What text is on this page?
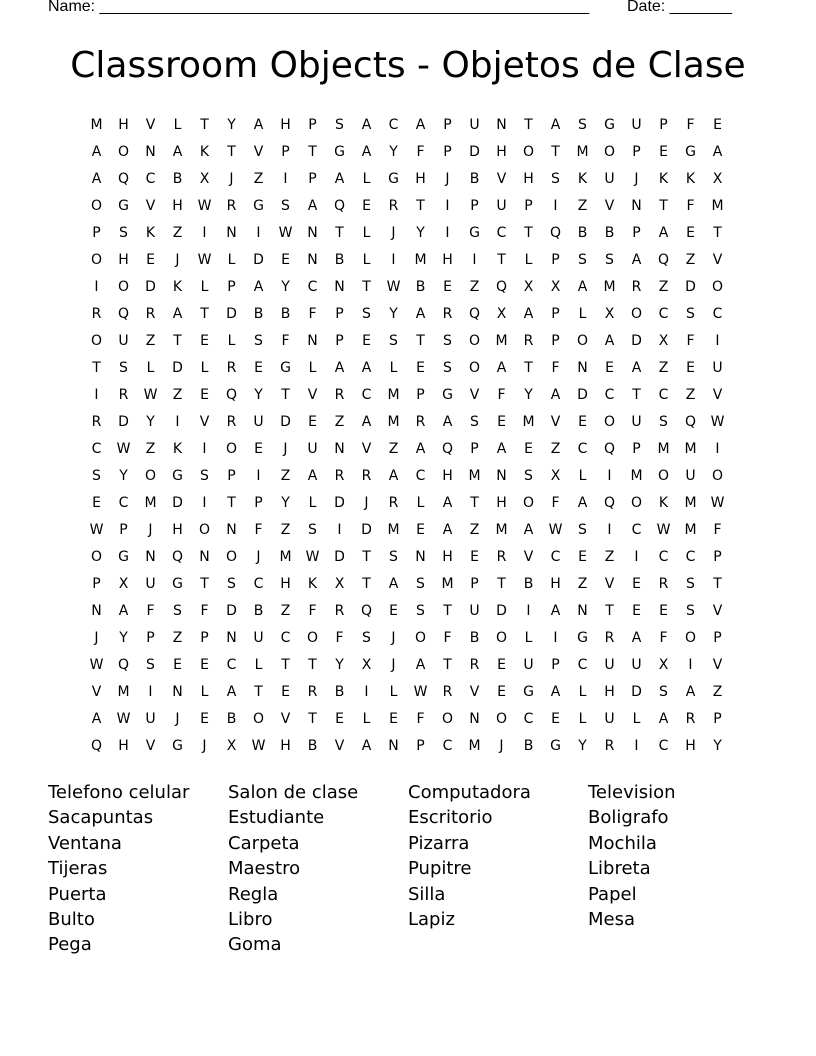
Name: _______________________________________________________ Date: _______
Classroom Objects - Objetos de Clase
M	H	V	L	T	Y	A	H	P	S	A	C	A	P	U	N	T	A	S	G	U	P	F	E
A	O	N	A	K	T	V	P	T	G	A	Y	F	P	D	H	O	T	M	O	P	E	G	A
A	Q	C	B	X	J	Z	I	P	A	L	G	H	J	B	V	H	S	K	U	J	K	K	X
O	G	V	H	W	R	G	S	A	Q	E	R	T	I	P	U	P	I	Z	V	N	T	F	M
P	S	K	Z	I	N	I	W	N	T	L	J	Y	I	G	C	T	Q	B	B	P	A	E	T
O	H	E	J	W	L	D	E	N	B	L	I	M	H	I	T	L	P	S	S	A	Q	Z	V
I	O	D	K	L	P	A	Y	C	N	T	W	B	E	Z	Q	X	X	A	M	R	Z	D	O
R	Q	R	A	T	D	B	B	F	P	S	Y	A	R	Q	X	A	P	L	X	O	C	S	C
O	U	Z	T	E	L	S	F	N	P	E	S	T	S	O	M	R	P	O	A	D	X	F	I
T	S	L	D	L	R	E	G	L	A	A	L	E	S	O	A	T	F	N	E	A	Z	E	U
I	R	W	Z	E	Q	Y	T	V	R	C	M	P	G	V	F	Y	A	D	C	T	C	Z	V
R	D	Y	I	V	R	U	D	E	Z	A	M	R	A	S	E	M	V	E	O	U	S	Q	W
C	W	Z	K	I	O	E	J	U	N	V	Z	A	Q	P	A	E	Z	C	Q	P	M	M	I
S	Y	O	G	S	P	I	Z	A	R	R	A	C	H	M	N	S	X	L	I	M	O	U	O
E	C	M	D	I	T	P	Y	L	D	J	R	L	A	T	H	O	F	A	Q	O	K	M	W
W	P	J	H	O	N	F	Z	S	I	D	M	E	A	Z	M	A	W	S	I	C	W	M	F
O	G	N	Q	N	O	J	M	W	D	T	S	N	H	E	R	V	C	E	Z	I	C	C	P
P	X	U	G	T	S	C	H	K	X	T	A	S	M	P	T	B	H	Z	V	E	R	S	T
N	A	F	S	F	D	B	Z	F	R	Q	E	S	T	U	D	I	A	N	T	E	E	S	V
J	Y	P	Z	P	N	U	C	O	F	S	J	O	F	B	O	L	I	G	R	A	F	O	P
W	Q	S	E	E	C	L	T	T	Y	X	J	A	T	R	E	U	P	C	U	U	X	I	V
V	M	I	N	L	A	T	E	R	B	I	L	W	R	V	E	G	A	L	H	D	S	A	Z
A	W	U	J	E	B	O	V	T	E	L	E	F	O	N	O	C	E	L	U	L	A	R	P
Q	H	V	G	J	X	W	H	B	V	A	N	P	C	M	J	B	G	Y	R	I	C	H	Y
Telefono celular
Sacapuntas
Ventana
Tijeras
Puerta
Bulto
Pega
Salon de clase
Estudiante
Carpeta
Maestro
Regla
Libro
Goma
Computadora
Escritorio
Pizarra
Pupitre
Silla
Lapiz
Television
Boligrafo
Mochila
Libreta
Papel
Mesa
